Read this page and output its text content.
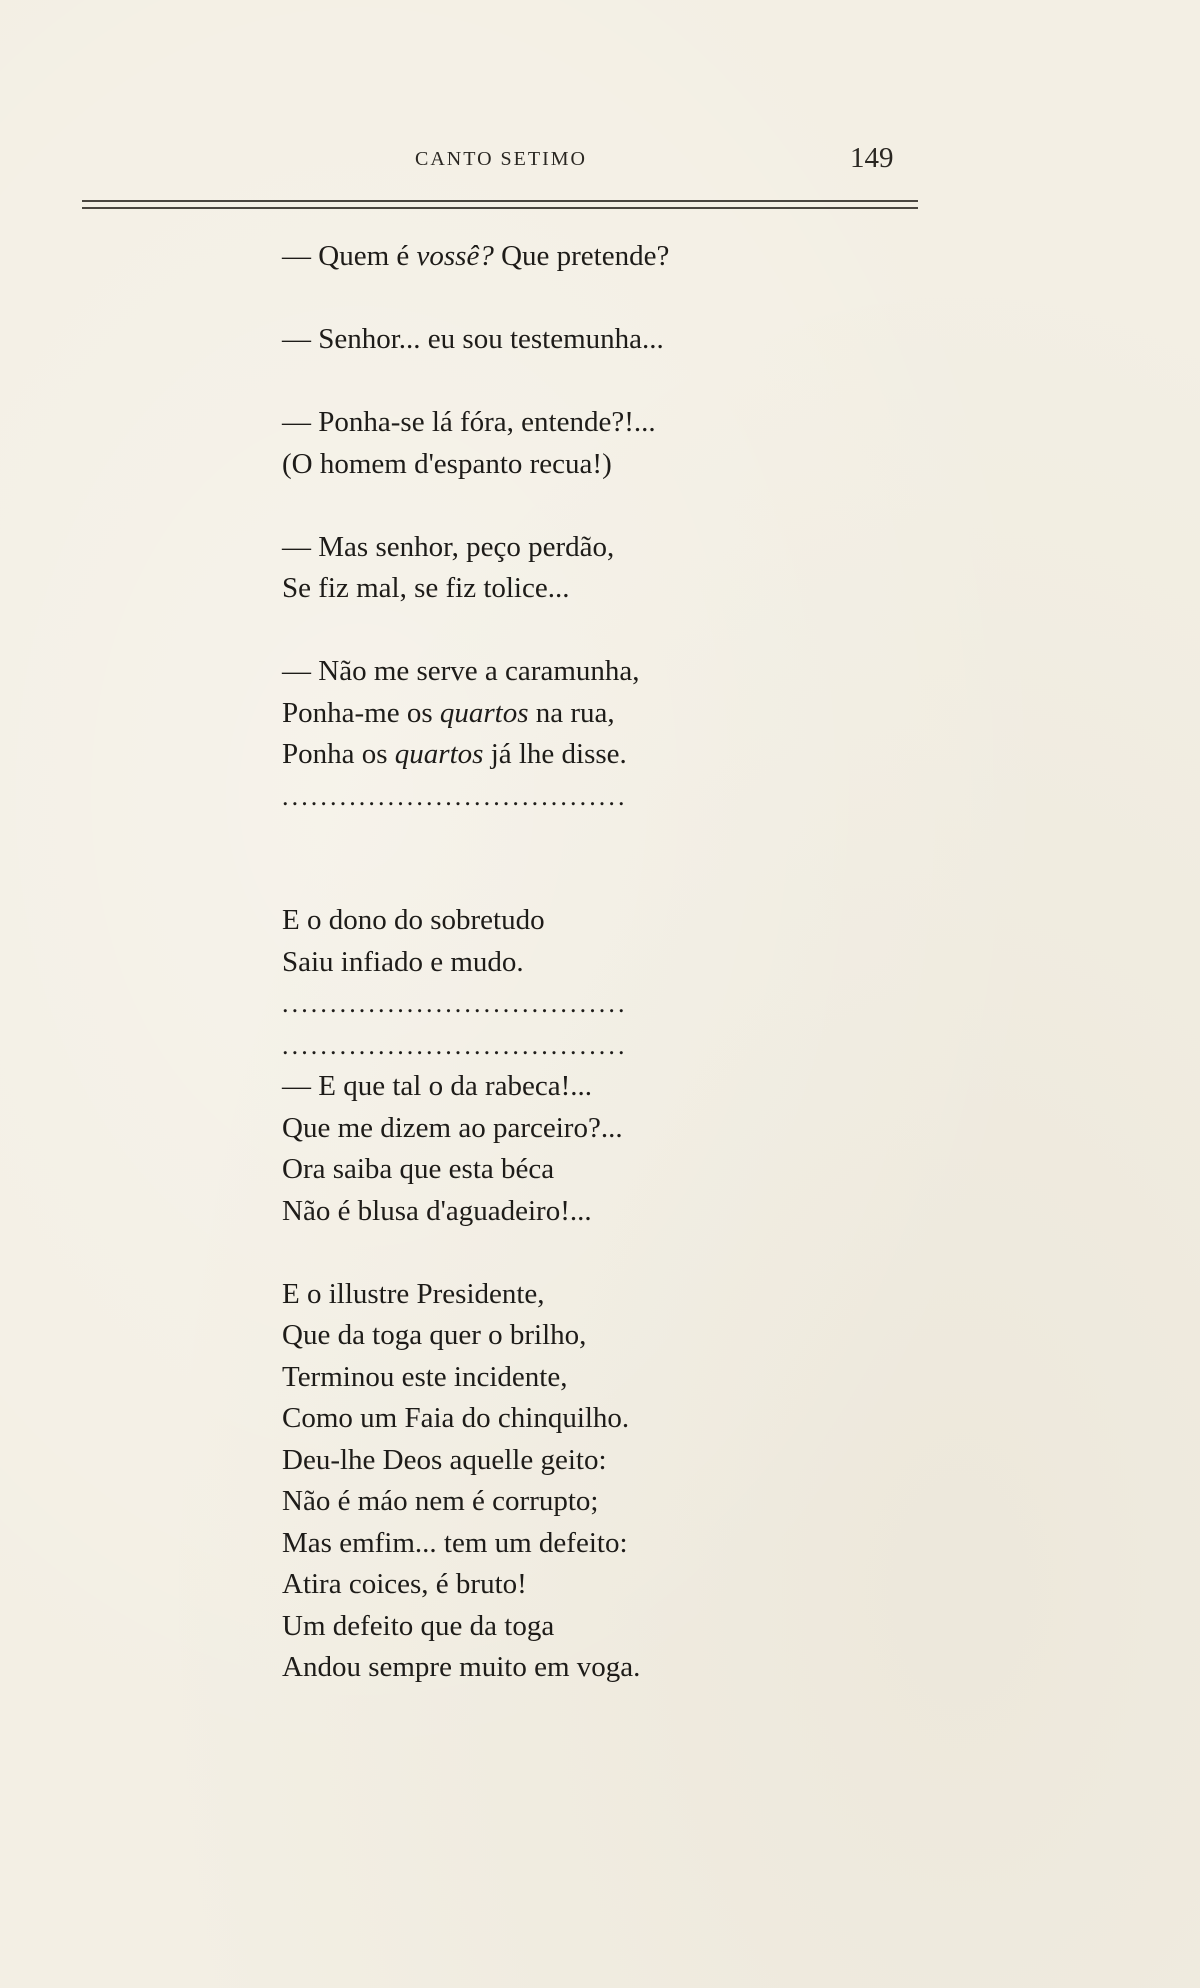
CANTO SETIMO	149
— Quem é vossê? Que pretende?
— Senhor... eu sou testemunha...
— Ponha-se lá fóra, entende?!...
(O homem d'espanto recua!)
— Mas senhor, peço perdão,
Se fiz mal, se fiz tolice...
— Não me serve a caramunha,
Ponha-me os quartos na rua,
Ponha os quartos já lhe disse.
....................................
E o dono do sobretudo
Saiu infiado e mudo.
....................................
....................................
— E que tal o da rabeca!...
Que me dizem ao parceiro?...
Ora saiba que esta béca
Não é blusa d'aguadeiro!...
E o illustre Presidente,
Que da toga quer o brilho,
Terminou este incidente,
Como um Faia do chinquilho.
Deu-lhe Deos aquelle geito:
Não é máo nem é corrupto;
Mas emfim... tem um defeito:
Atira coices, é bruto!
Um defeito que da toga
Andou sempre muito em voga.
